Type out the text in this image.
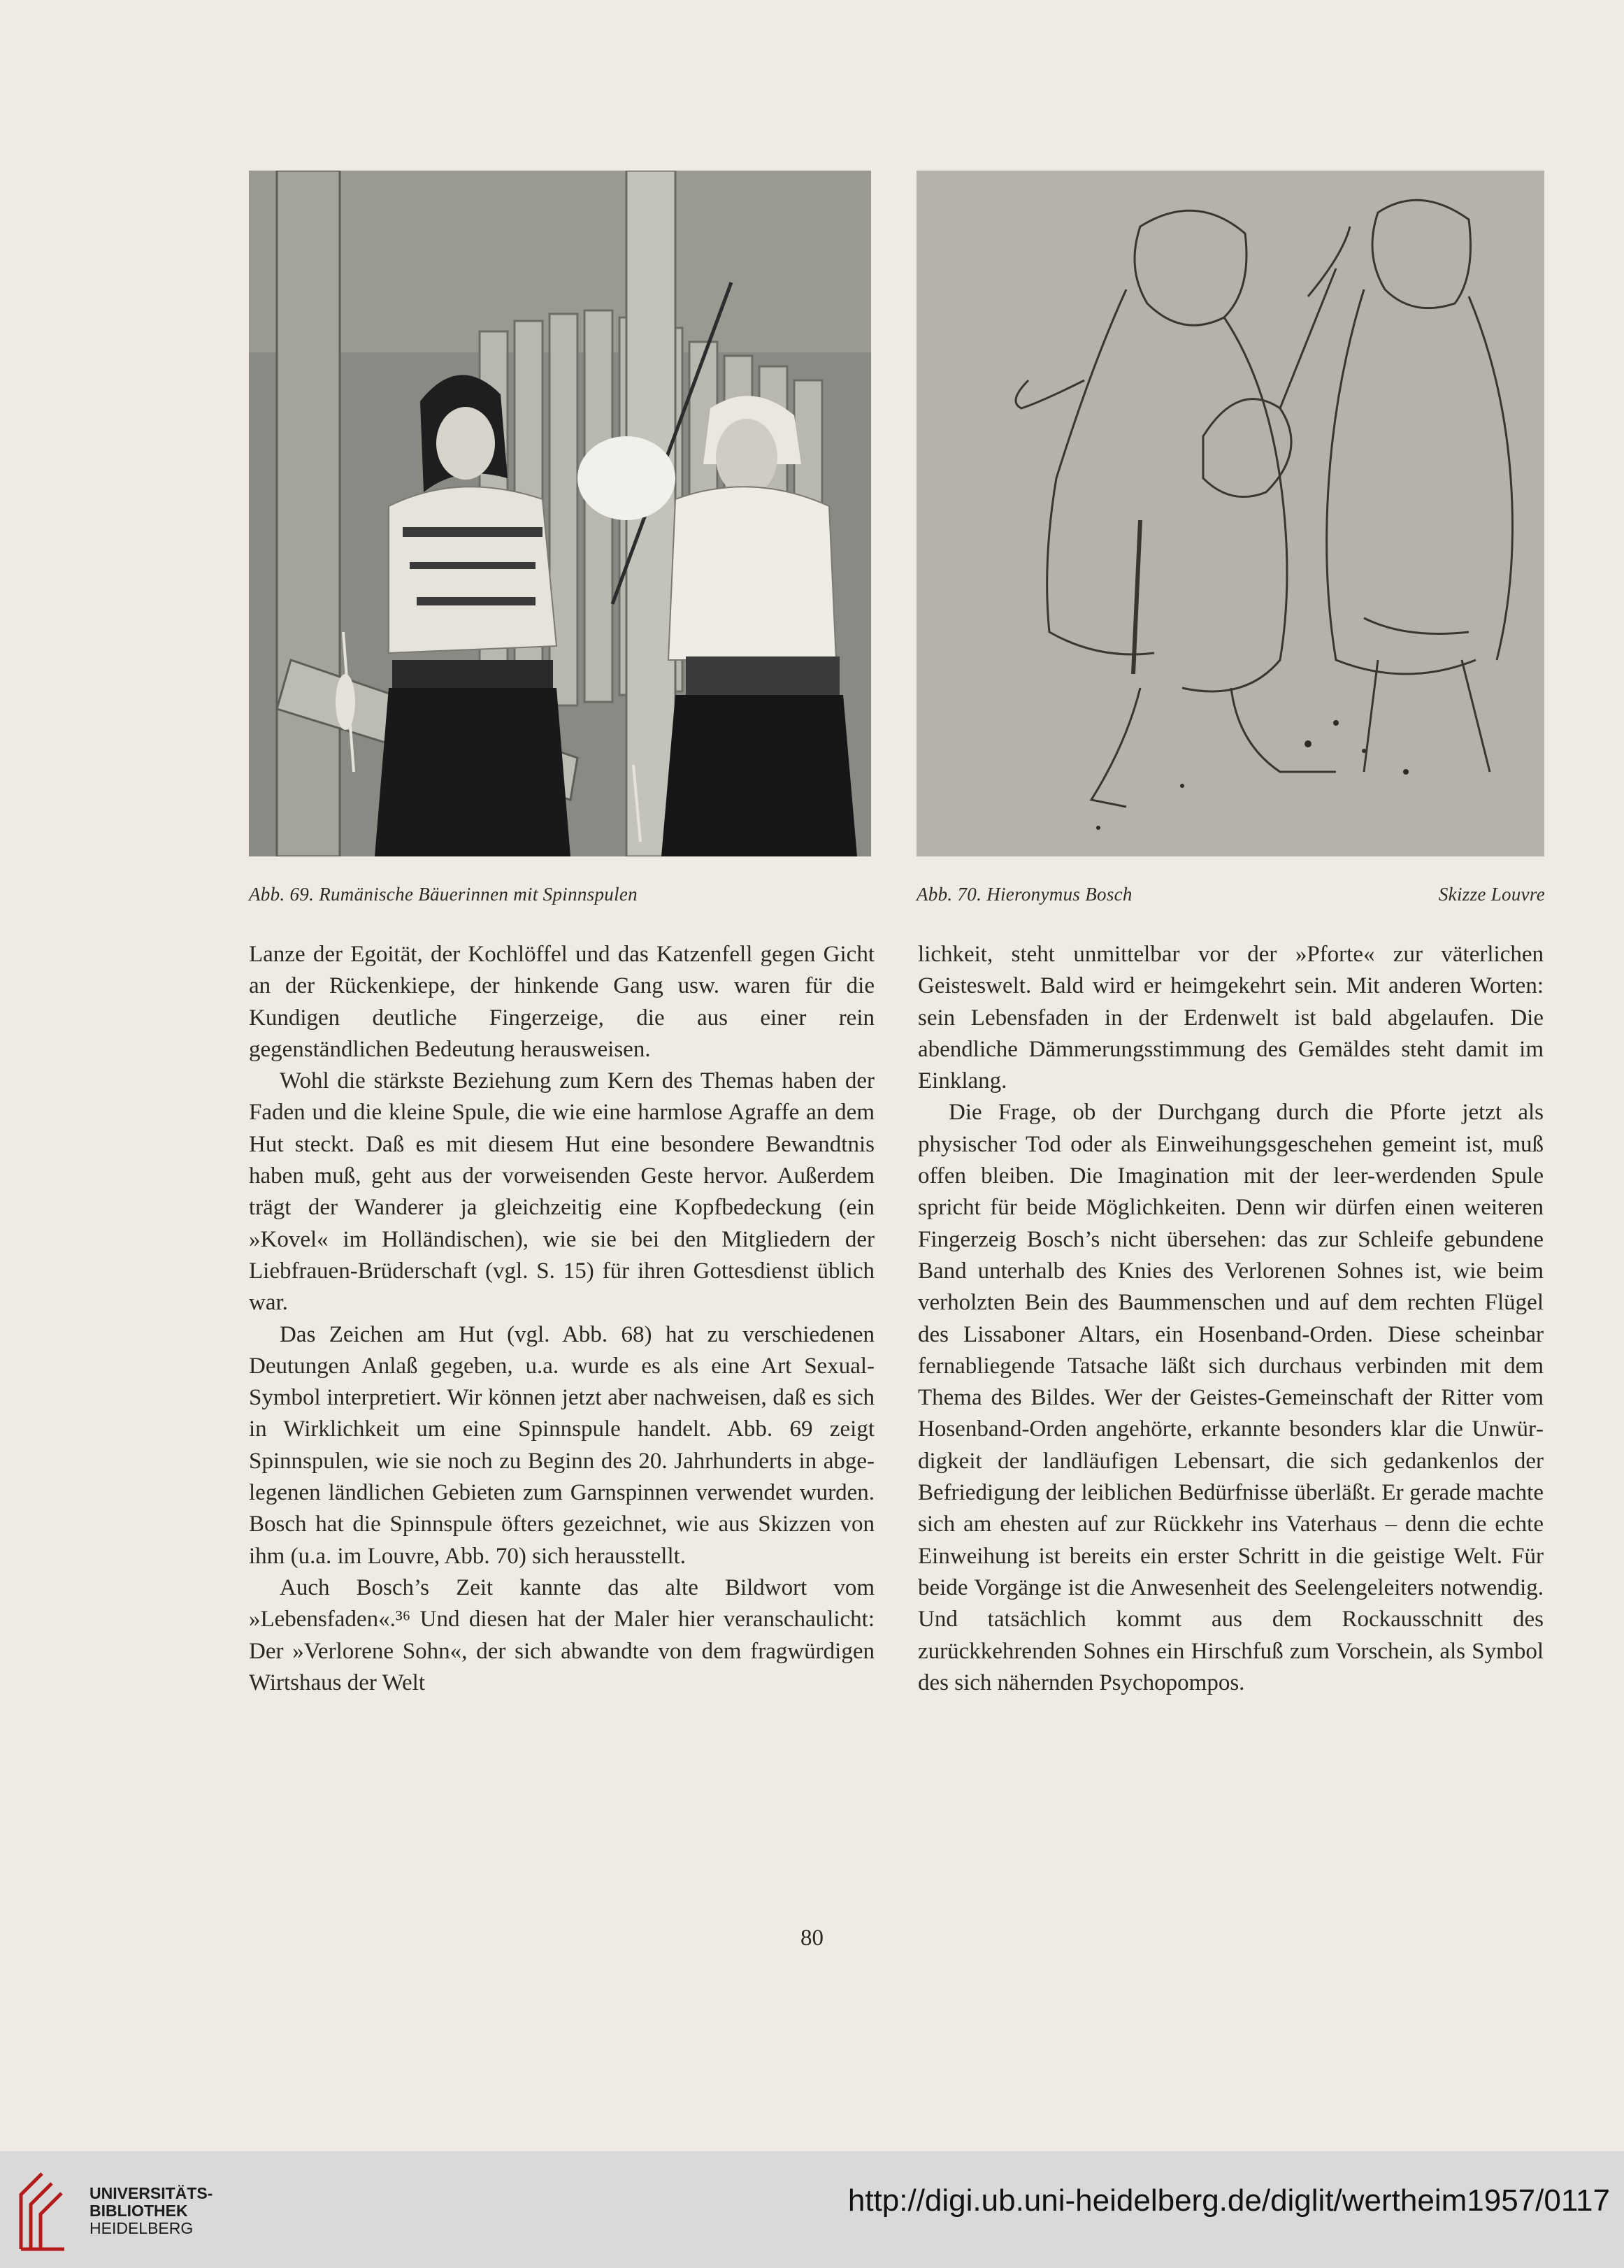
Abb. 69. Rumänische Bäuerinnen mit Spinnspulen	Abb. 70. Hieronymus Bosch	Skizze Louvre

Lanze der Egoität, der Kochlöffel und das Katzenfell gegen Gicht an der Rückenkiepe, der hinkende Gang usw. waren für die Kundigen deutliche Fingerzeige, die aus einer rein gegenständlichen Bedeutung herausweisen.

Wohl die stärkste Beziehung zum Kern des Themas haben der Faden und die kleine Spule, die wie eine harmlose Agraffe an dem Hut steckt. Daß es mit diesem Hut eine besondere Bewandtnis haben muß, geht aus der vorweisenden Geste hervor. Außerdem trägt der Wanderer ja gleichzeitig eine Kopfbedeckung (ein »Kovel« im Holländischen), wie sie bei den Mitgliedern der Liebfrauen-Brüderschaft (vgl. S. 15) für ihren Gottesdienst üblich war.

Das Zeichen am Hut (vgl. Abb. 68) hat zu verschiedenen Deutungen Anlaß gegeben, u.a. wurde es als eine Art Sexual-Symbol interpretiert. Wir können jetzt aber nachweisen, daß es sich in Wirklichkeit um eine Spinnspule handelt. Abb. 69 zeigt Spinnspulen, wie sie noch zu Beginn des 20. Jahrhunderts in abgelegenen ländlichen Gebieten zum Garnspinnen verwendet wurden. Bosch hat die Spinnspule öfters gezeichnet, wie aus Skizzen von ihm (u.a. im Louvre, Abb. 70) sich herausstellt.

Auch Bosch’s Zeit kannte das alte Bildwort vom »Lebensfaden«.³⁶ Und diesen hat der Maler hier veranschaulicht: Der »Verlorene Sohn«, der sich abwandte von dem fragwürdigen Wirtshaus der Welt

lichkeit, steht unmittelbar vor der »Pforte« zur väterlichen Geisteswelt. Bald wird er heimgekehrt sein. Mit anderen Worten: sein Lebensfaden in der Erdenwelt ist bald abgelaufen. Die abendliche Dämmerungsstimmung des Gemäldes steht damit im Einklang.

Die Frage, ob der Durchgang durch die Pforte jetzt als physischer Tod oder als Einweihungsgeschehen gemeint ist, muß offen bleiben. Die Imagination mit der leer-werdenden Spule spricht für beide Möglichkeiten. Denn wir dürfen einen weiteren Fingerzeig Bosch’s nicht übersehen: das zur Schleife gebundene Band unterhalb des Knies des Verlorenen Sohnes ist, wie beim verholzten Bein des Baummenschen und auf dem rechten Flügel des Lissaboner Altars, ein Hosenband-Orden. Diese scheinbar fernabliegende Tatsache läßt sich durchaus verbinden mit dem Thema des Bildes. Wer der Geistes-Gemeinschaft der Ritter vom Hosenband-Orden angehörte, erkannte besonders klar die Unwürdigkeit der landläufigen Lebensart, die sich gedankenlos der Befriedigung der leiblichen Bedürfnisse überläßt. Er gerade machte sich am ehesten auf zur Rückkehr ins Vaterhaus – denn die echte Einweihung ist bereits ein erster Schritt in die geistige Welt. Für beide Vorgänge ist die Anwesenheit des Seelengeleiters notwendig. Und tatsächlich kommt aus dem Rockausschnitt des zurückkehrenden Sohnes ein Hirschfuß zum Vorschein, als Symbol des sich nähernden Psychopompos.

80
UNIVERSITÄTS-
BIBLIOTHEK
HEIDELBERG
http://digi.ub.uni-heidelberg.de/diglit/wertheim1957/0117
